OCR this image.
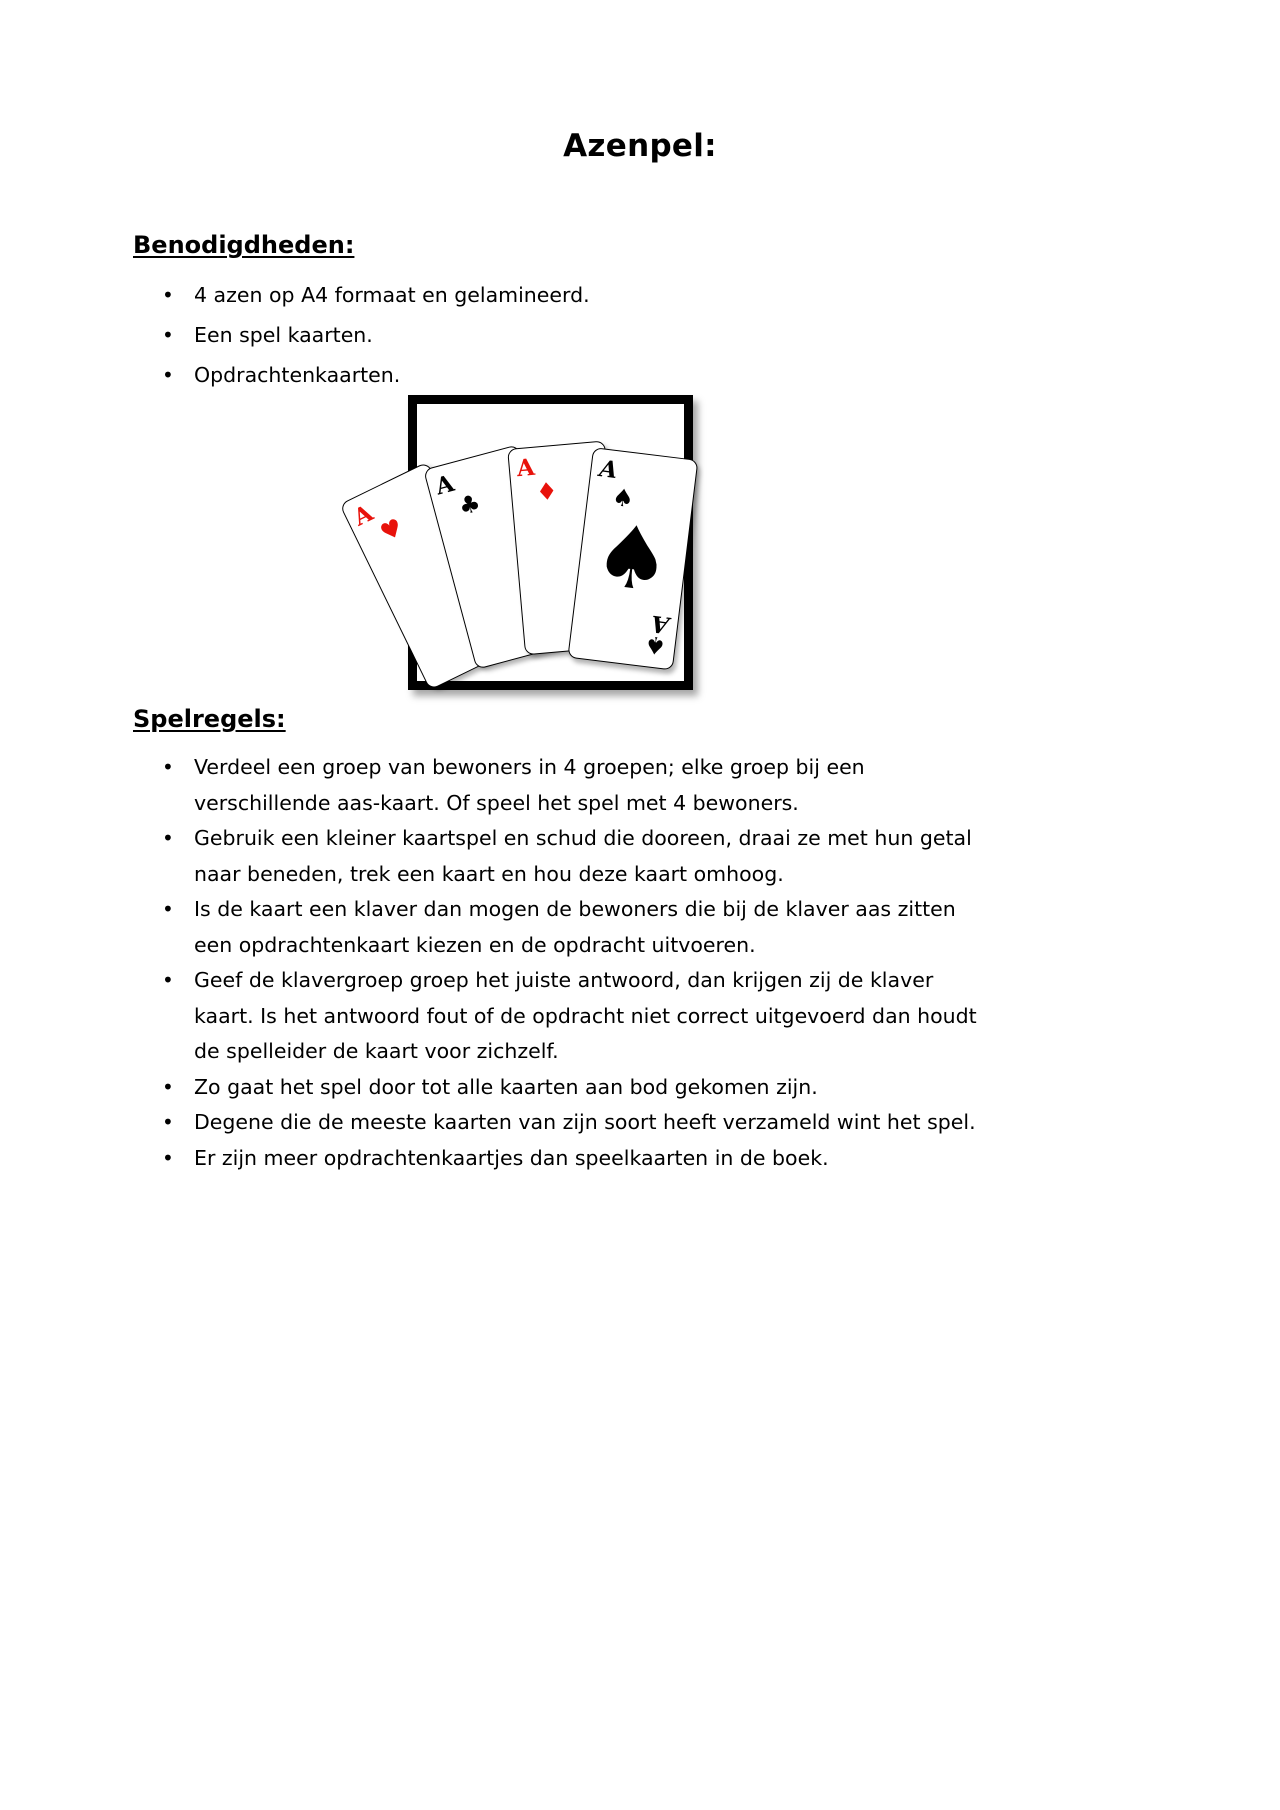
Azenpel:
Benodigdheden:
• 4 azen op A4 formaat en gelamineerd.
• Een spel kaarten.
• Opdrachtenkaarten.
A
♥
A
♣
A
♦
A
♠
♠
♠
A
Spelregels:
• Verdeel een groep van bewoners in 4 groepen; elke groep bij een verschillende aas-kaart. Of speel het spel met 4 bewoners.
• Gebruik een kleiner kaartspel en schud die dooreen, draai ze met hun getal naar beneden, trek een kaart en hou deze kaart omhoog.
• Is de kaart een klaver dan mogen de bewoners die bij de klaver aas zitten een opdrachtenkaart kiezen en de opdracht uitvoeren.
• Geef de klavergroep groep het juiste antwoord, dan krijgen zij de klaver kaart. Is het antwoord fout of de opdracht niet correct uitgevoerd dan houdt de spelleider de kaart voor zichzelf.
• Zo gaat het spel door tot alle kaarten aan bod gekomen zijn.
• Degene die de meeste kaarten van zijn soort heeft verzameld wint het spel.
• Er zijn meer opdrachtenkaartjes dan speelkaarten in de boek.
